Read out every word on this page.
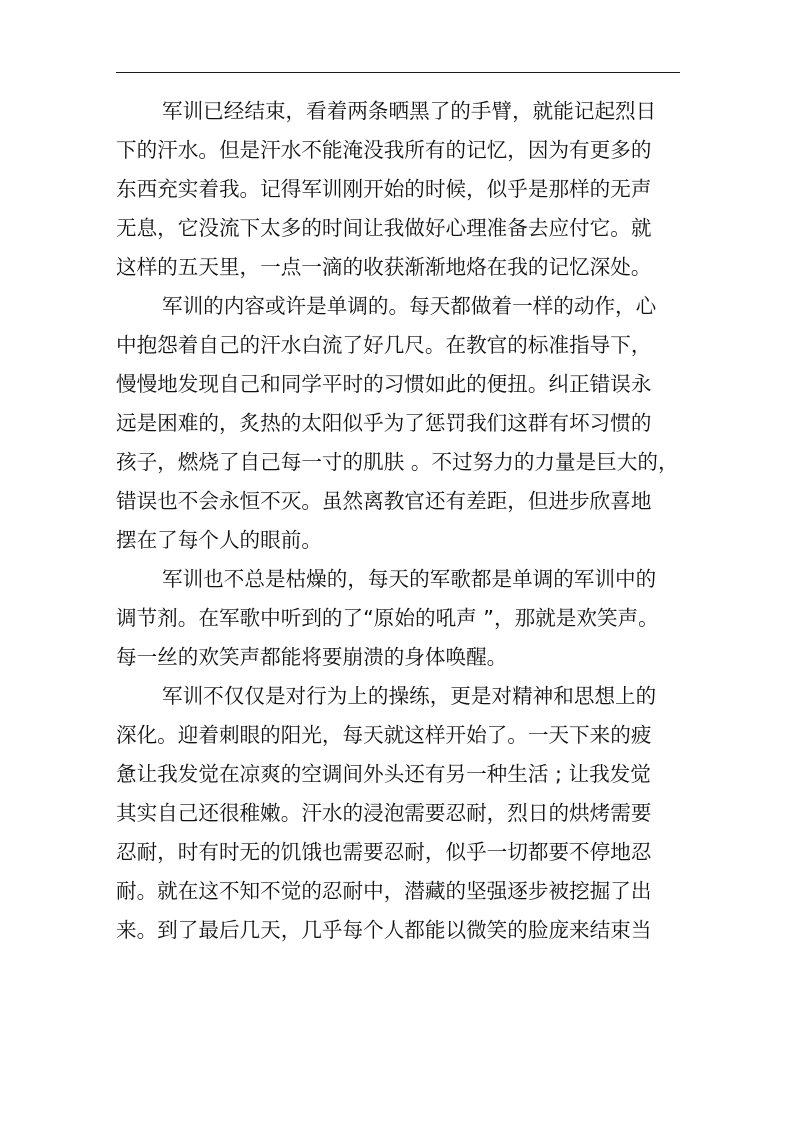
军训已经结束，看着两条晒黑了的手臂，就能记起烈日
下的汗水。但是汗水不能淹没我所有的记忆，因为有更多的
东西充实着我。记得军训刚开始的时候，似乎是那样的无声
无息，它没流下太多的时间让我做好心理准备去应付它。就
这样的五天里，一点一滴的收获渐渐地烙在我的记忆深处。
军训的内容或许是单调的。每天都做着一样的动作，心
中抱怨着自己的汗水白流了好几尺。在教官的标准指导下，
慢慢地发现自己和同学平时的习惯如此的便扭。纠正错误永
远是困难的，炙热的太阳似乎为了惩罚我们这群有坏习惯的
孩子，燃烧了自己每一寸的肌肤 。不过努力的力量是巨大的，
错误也不会永恒不灭。虽然离教官还有差距，但进步欣喜地
摆在了每个人的眼前。
军训也不总是枯燥的，每天的军歌都是单调的军训中的
调节剂。在军歌中听到的了“原始的吼声 ”，那就是欢笑声。
每一丝的欢笑声都能将要崩溃的身体唤醒。
军训不仅仅是对行为上的操练，更是对精神和思想上的
深化。迎着刺眼的阳光，每天就这样开始了。一天下来的疲
惫让我发觉在凉爽的空调间外头还有另一种生活 ; 让我发觉
其实自己还很稚嫩。汗水的浸泡需要忍耐，烈日的烘烤需要
忍耐，时有时无的饥饿也需要忍耐，似乎一切都要不停地忍
耐。就在这不知不觉的忍耐中，潜藏的坚强逐步被挖掘了出
来。到了最后几天，几乎每个人都能以微笑的脸庞来结束当
